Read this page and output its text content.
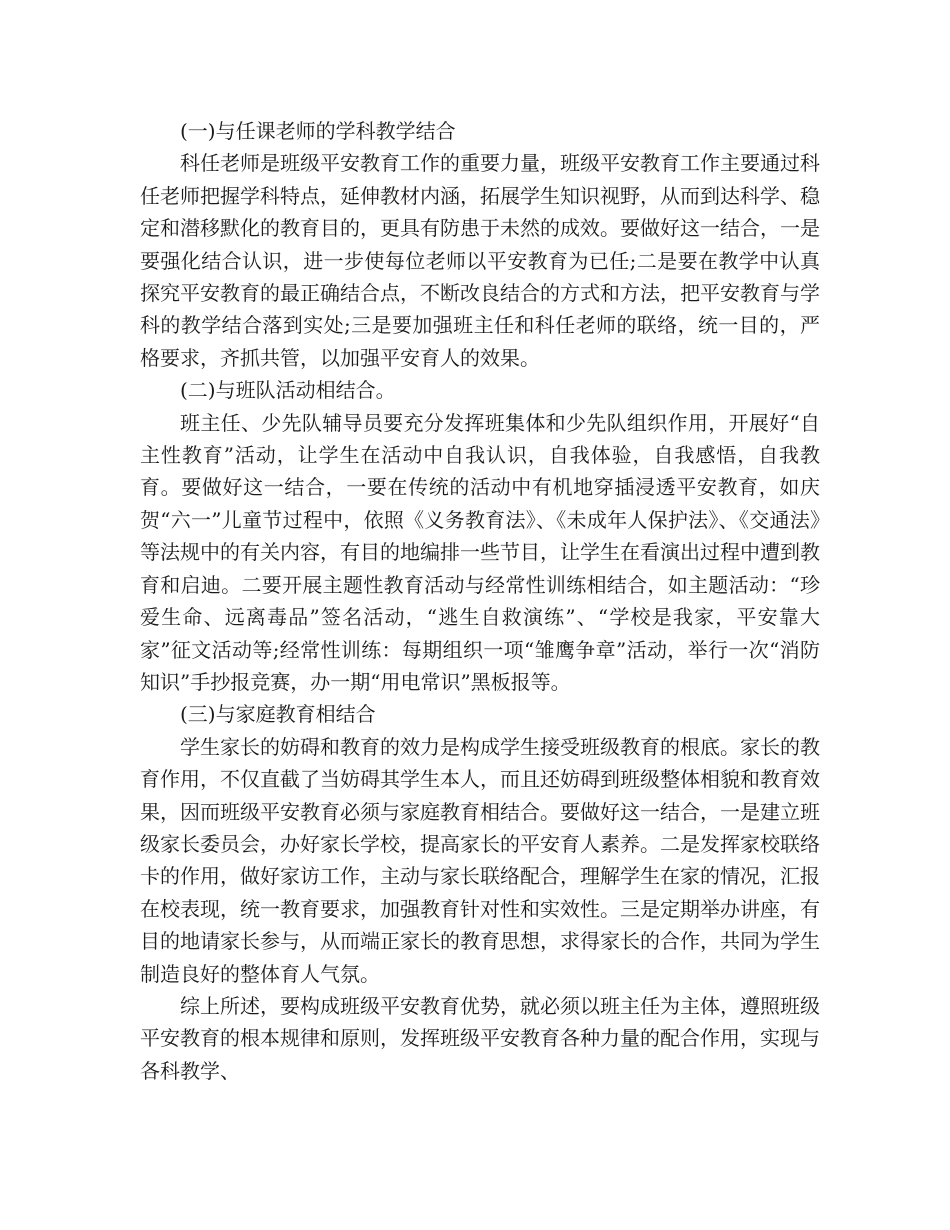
(一)与任课老师的学科教学结合

科任老师是班级平安教育工作的重要力量，班级平安教育工作主要通过科任老师把握学科特点，延伸教材内涵，拓展学生知识视野，从而到达科学、稳定和潜移默化的教育目的，更具有防患于未然的成效。要做好这一结合，一是要强化结合认识，进一步使每位老师以平安教育为已任;二是要在教学中认真探究平安教育的最正确结合点，不断改良结合的方式和方法，把平安教育与学科的教学结合落到实处;三是要加强班主任和科任老师的联络，统一目的，严格要求，齐抓共管，以加强平安育人的效果。

(二)与班队活动相结合。

班主任、少先队辅导员要充分发挥班集体和少先队组织作用，开展好“自主性教育”活动，让学生在活动中自我认识，自我体验，自我感悟，自我教育。要做好这一结合，一要在传统的活动中有机地穿插浸透平安教育，如庆贺“六一”儿童节过程中，依照《义务教育法》、《未成年人保护法》、《交通法》等法规中的有关内容，有目的地编排一些节目，让学生在看演出过程中遭到教育和启迪。二要开展主题性教育活动与经常性训练相结合，如主题活动：“珍爱生命、远离毒品”签名活动，“逃生自救演练”、“学校是我家，平安靠大家”征文活动等;经常性训练：每期组织一项“雏鹰争章”活动，举行一次“消防知识”手抄报竞赛，办一期“用电常识”黑板报等。

(三)与家庭教育相结合

学生家长的妨碍和教育的效力是构成学生接受班级教育的根底。家长的教育作用，不仅直截了当妨碍其学生本人，而且还妨碍到班级整体相貌和教育效果，因而班级平安教育必须与家庭教育相结合。要做好这一结合，一是建立班级家长委员会，办好家长学校，提高家长的平安育人素养。二是发挥家校联络卡的作用，做好家访工作，主动与家长联络配合，理解学生在家的情况，汇报在校表现，统一教育要求，加强教育针对性和实效性。三是定期举办讲座，有目的地请家长参与，从而端正家长的教育思想，求得家长的合作，共同为学生制造良好的整体育人气氛。

综上所述，要构成班级平安教育优势，就必须以班主任为主体，遵照班级平安教育的根本规律和原则，发挥班级平安教育各种力量的配合作用，实现与各科教学、
